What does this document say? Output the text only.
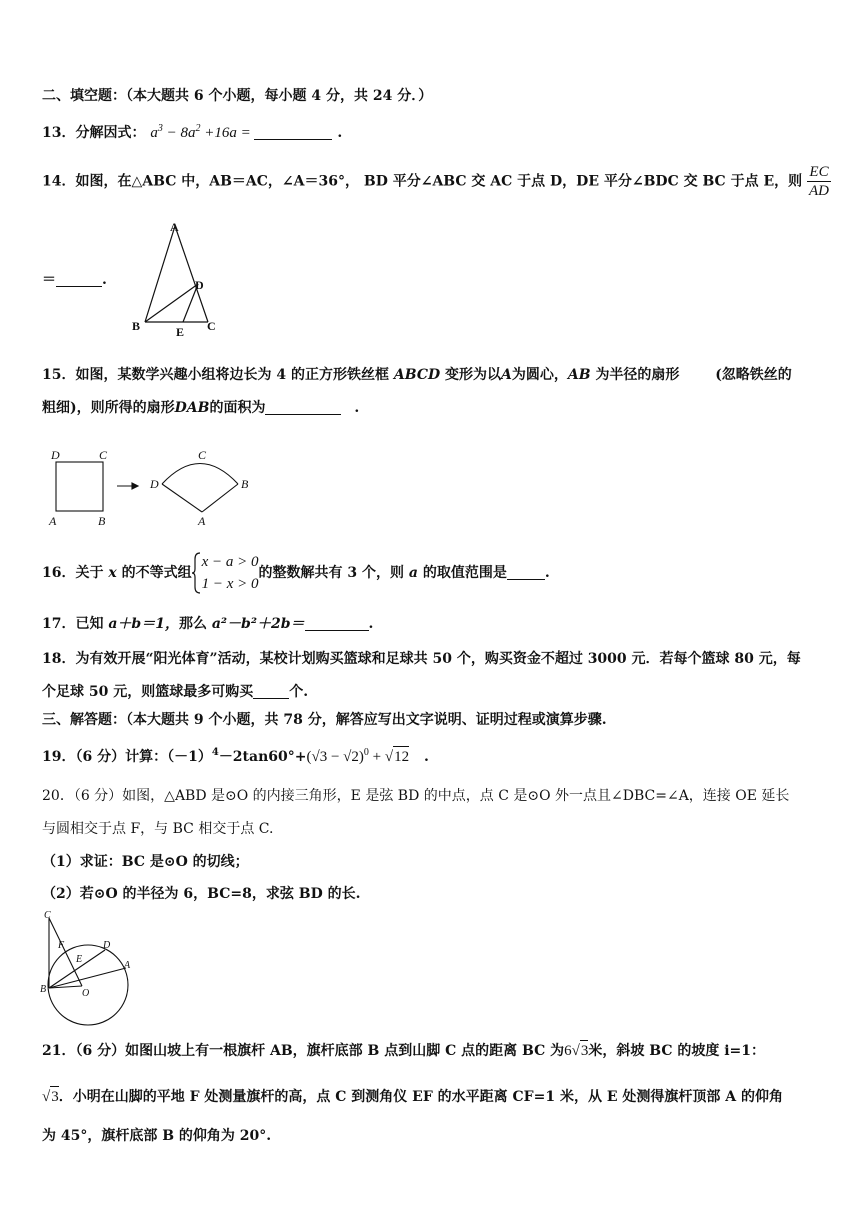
二、填空题：（本大题共 6 个小题，每小题 4 分，共 24 分．）
13．分解因式： $a^3 - 8a^2 +16a$ =	.
14．如图，在△ABC 中，AB＝AC，∠A＝36°， BD 平分∠ABC 交 AC 于点 D，DE 平分∠BDC 交 BC 于点 E，则 $\frac{EC}{AD}$
＝	.
A
B	C
D
E
15．如图，某数学兴趣小组将边长为 4 的正方形铁丝框 ABCD 变形为以A为圆心，AB 为半径的扇形	(忽略铁丝的
粗细)，则所得的扇形DAB的面积为	.
D	C
A	B
D
C
B
A
16．关于 x 的不等式组
x − a > 0
1 − x > 0
的整数解共有 3 个，则 a 的取值范围是	.
17．已知 a＋b＝1，那么 a²－b²＋2b＝	.
18．为有效开展“阳光体育”活动，某校计划购买篮球和足球共 50 个，购买资金不超过 3000 元．若每个篮球 80 元，每
个足球 50 元，则篮球最多可购买	个.
三、解答题：（本大题共 9 个小题，共 78 分，解答应写出文字说明、证明过程或演算步骤.
19．（6 分）计算：$(-1)^4-2\tan 60^\circ+(√3 - √2)^0 + √12$ .
20．（6 分）如图，△ABD 是⊙O 的内接三角形，E 是弦 BD 的中点，点 C 是⊙O 外一点且∠DBC=∠A，连接 OE 延长
与圆相交于点 F，与 BC 相交于点 C.
（1）求证：BC 是⊙O 的切线；
（2）若⊙O 的半径为 6，BC=8，求弦 BD 的长.
C
F	D
E
A
B	O
21．（6 分）如图山坡上有一根旗杆 AB，旗杆底部 B 点到山脚 C 点的距离 BC 为6√3米，斜坡 BC 的坡度 i=1：
√3．小明在山脚的平地 F 处测量旗杆的高，点 C 到测角仪 EF 的水平距离 CF=1 米，从 E 处测得旗杆顶部 A 的仰角
为 45°，旗杆底部 B 的仰角为 20°.
